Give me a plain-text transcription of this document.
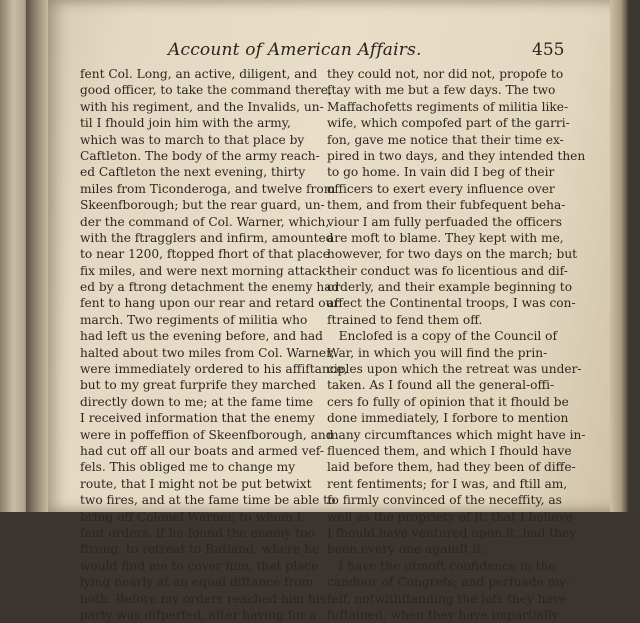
Account of American Affairs.	455
fent Col. Long, an active, diligent, and
good officer, to take the command there,
with his regiment, and the Invalids, un-
til I fhould join him with the army,
which was to march to that place by
Caftleton. The body of the army reach-
ed Caftleton the next evening, thirty
miles from Ticonderoga, and twelve from
Skeenfborough; but the rear guard, un-
der the command of Col. Warner, which,
with the ftragglers and infirm, amounted
to near 1200, ftopped fhort of that place
fix miles, and were next morning attack-
ed by a ftrong detachment the enemy had
fent to hang upon our rear and retard our
march. Two regiments of militia who
had left us the evening before, and had
halted about two miles from Col. Warner,
were immediately ordered to his affiftance,
but to my great furprife they marched
directly down to me; at the fame time
I received information that the enemy
were in poffeffion of Skeenfborough, and
had cut off all our boats and armed vef-
fels. This obliged me to change my
route, that I might not be put betwixt
two fires, and at the fame time be able to
bring off Colonel Warner, to whom I
fent orders, if he found the enemy too
ftrong, to retreat to Rutland, where he
would find me to cover him, that place
lying nearly at an equal diftance from
both. Before my orders reached him his
party was difperfed, after having for a
they could not, nor did not, propofe to
ftay with me but a few days. The two
Maffachofetts regiments of militia like-
wife, which compofed part of the garri-
fon, gave me notice that their time ex-
pired in two days, and they intended then
to go home. In vain did I beg of their
officers to exert every influence over
them, and from their fubfequent beha-
viour I am fully perfuaded the officers
are moft to blame. They kept with me,
however, for two days on the march; but
their conduct was fo licentious and dif-
orderly, and their example beginning to
affect the Continental troops, I was con-
ftrained to fend them off.
Enclofed is a copy of the Council of
War, in which you will find the prin-
ciples upon which the retreat was under-
taken. As I found all the general-offi-
cers fo fully of opinion that it fhould be
done immediately, I forbore to mention
many circumftances which might have in-
fluenced them, and which I fhould have
laid before them, had they been of diffe-
rent fentiments; for I was, and ftill am,
fo firmly convinced of the neceffity, as
well as the propriety of it, that I believe
I fhould have ventured upon it, had they
been every one againft it.
I have the utmoft confidence in the
candour of Congrefs; and perfuade my-
felf, notwithftanding the lofs they have
fuftained, when they have impartially
